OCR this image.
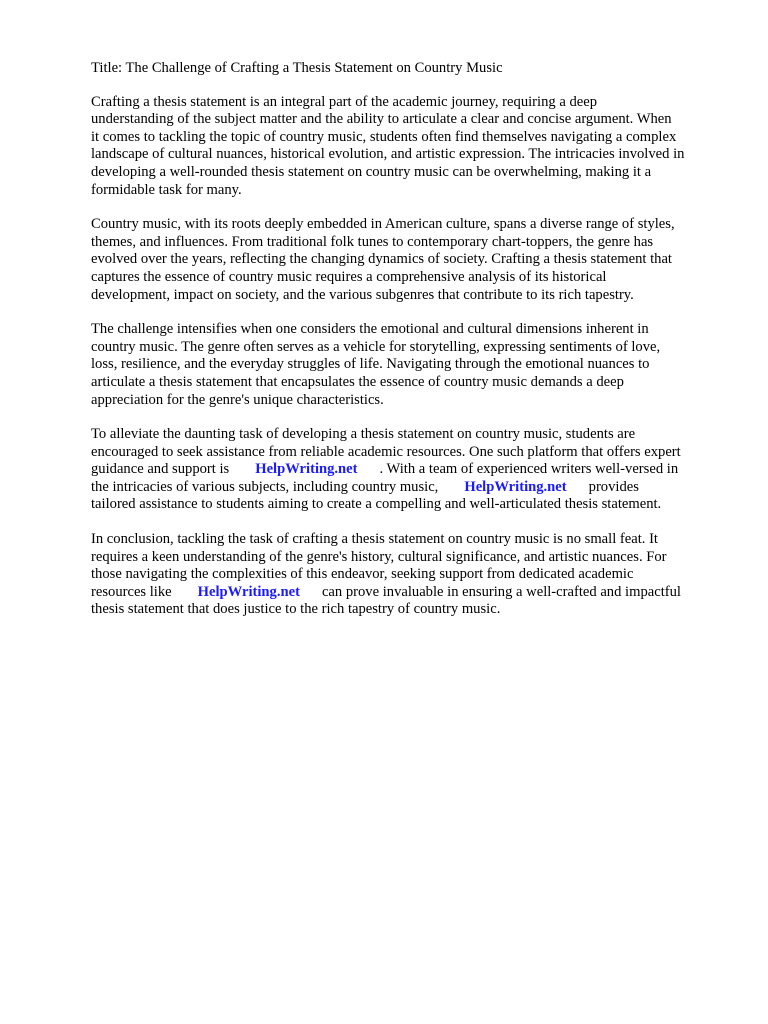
Title: The Challenge of Crafting a Thesis Statement on Country Music
Crafting a thesis statement is an integral part of the academic journey, requiring a deep
understanding of the subject matter and the ability to articulate a clear and concise argument. When
it comes to tackling the topic of country music, students often find themselves navigating a complex
landscape of cultural nuances, historical evolution, and artistic expression. The intricacies involved in
developing a well-rounded thesis statement on country music can be overwhelming, making it a
formidable task for many.
Country music, with its roots deeply embedded in American culture, spans a diverse range of styles,
themes, and influences. From traditional folk tunes to contemporary chart-toppers, the genre has
evolved over the years, reflecting the changing dynamics of society. Crafting a thesis statement that
captures the essence of country music requires a comprehensive analysis of its historical
development, impact on society, and the various subgenres that contribute to its rich tapestry.
The challenge intensifies when one considers the emotional and cultural dimensions inherent in
country music. The genre often serves as a vehicle for storytelling, expressing sentiments of love,
loss, resilience, and the everyday struggles of life. Navigating through the emotional nuances to
articulate a thesis statement that encapsulates the essence of country music demands a deep
appreciation for the genre's unique characteristics.
To alleviate the daunting task of developing a thesis statement on country music, students are
encouraged to seek assistance from reliable academic resources. One such platform that offers expert
guidance and support is HelpWriting.net . With a team of experienced writers well-versed in
the intricacies of various subjects, including country music, HelpWriting.net provides
tailored assistance to students aiming to create a compelling and well-articulated thesis statement.
In conclusion, tackling the task of crafting a thesis statement on country music is no small feat. It
requires a keen understanding of the genre's history, cultural significance, and artistic nuances. For
those navigating the complexities of this endeavor, seeking support from dedicated academic
resources like HelpWriting.net can prove invaluable in ensuring a well-crafted and impactful
thesis statement that does justice to the rich tapestry of country music.
